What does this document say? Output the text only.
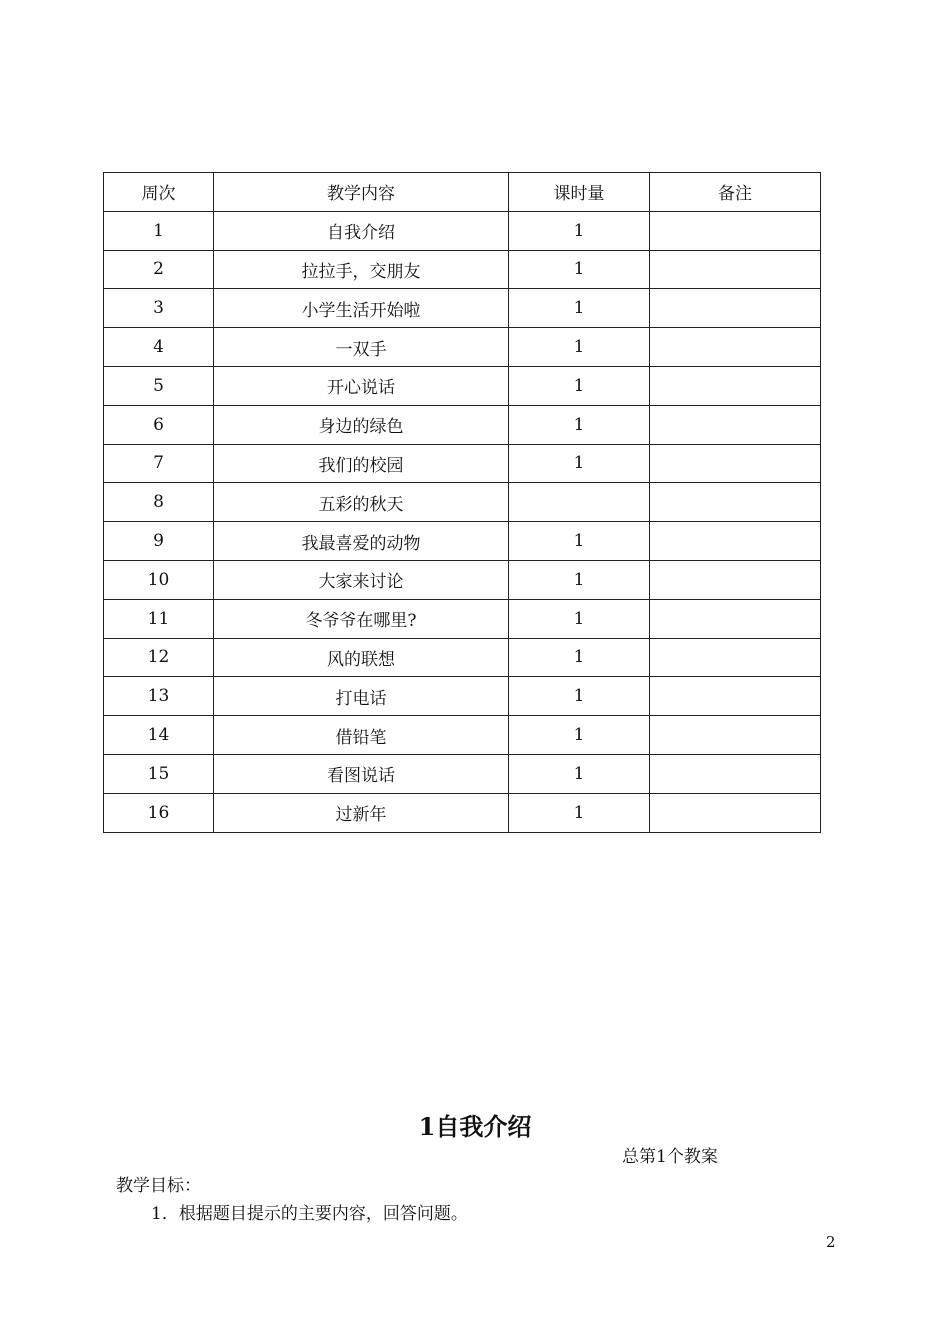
周次	教学内容	课时量	备注
1	自我介绍	1	
2	拉拉手，交朋友	1	
3	小学生活开始啦	1	
4	一双手	1	
5	开心说话	1	
6	身边的绿色	1	
7	我们的校园	1	
8	五彩的秋天		
9	我最喜爱的动物	1	
10	大家来讨论	1	
11	冬爷爷在哪里?	1	
12	风的联想	1	
13	打电话	1	
14	借铅笔	1	
15	看图说话	1	
16	过新年	1	
1自我介绍
总第1个教案
教学目标：
1．根据题目提示的主要内容，回答问题。
2
